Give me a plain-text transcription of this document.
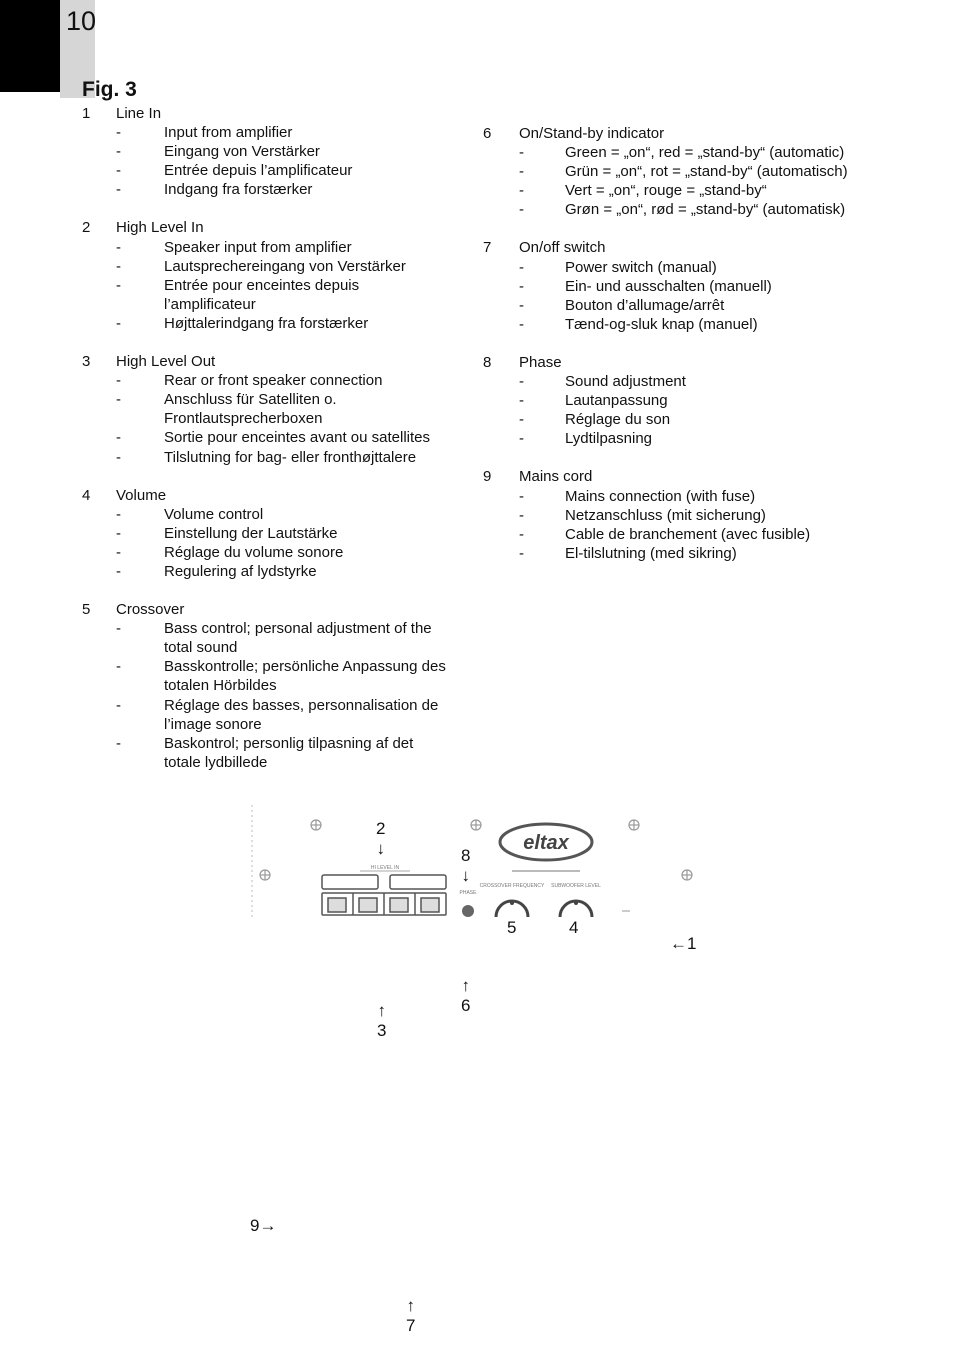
10
Fig. 3
1	Line In
-	Input from amplifier
-	Eingang von Verstärker
-	Entrée depuis l’amplificateur
-	Indgang fra forstærker
2	High Level In
-	Speaker input from amplifier
-	Lautsprechereingang von Verstärker
-	Entrée pour enceintes depuis l’amplificateur
-	Højttalerindgang fra forstærker
3	High Level Out
-	Rear or front speaker connection
-	Anschluss für Satelliten o. Frontlautsprecherboxen
-	Sortie pour enceintes avant ou satellites
-	Tilslutning for bag- eller fronthøjttalere
4	Volume
-	Volume control
-	Einstellung der Lautstärke
-	Réglage du volume sonore
-	Regulering af lydstyrke
5	Crossover
-	Bass control; personal adjustment of the total sound
-	Basskontrolle; persönliche Anpassung des totalen Hörbildes
-	Réglage des basses, personnalisation de l’image sonore
-	Baskontrol; personlig tilpasning af det totale lydbillede
6	On/Stand-by indicator
-	Green = „on“, red = „stand-by“ (automatic)
-	Grün = „on“, rot = „stand-by“ (automatisch)
-	Vert = „on“, rouge = „stand-by“
-	Grøn = „on“, rød = „stand-by“ (automatisk)
7	On/off switch
-	Power switch (manual)
-	Ein- und ausschalten (manuell)
-	Bouton d’allumage/arrêt
-	Tænd-og-sluk knap (manuel)
8	Phase
-	Sound adjustment
-	Lautanpassung
-	Réglage du son
-	Lydtilpasning
9	Mains cord
-	Mains connection (with fuse)
-	Netzanschluss (mit sicherung)
-	Cable de branchement (avec fusible)
-	El-tilslutning (med sikring)
eltax
HI LEVEL IN
PHASE
CROSSOVER FREQUENCY SUBWOOFER LEVEL
2
↓	8
↓
5	4
←1
↑
6
↑
3
9→
↑
7
